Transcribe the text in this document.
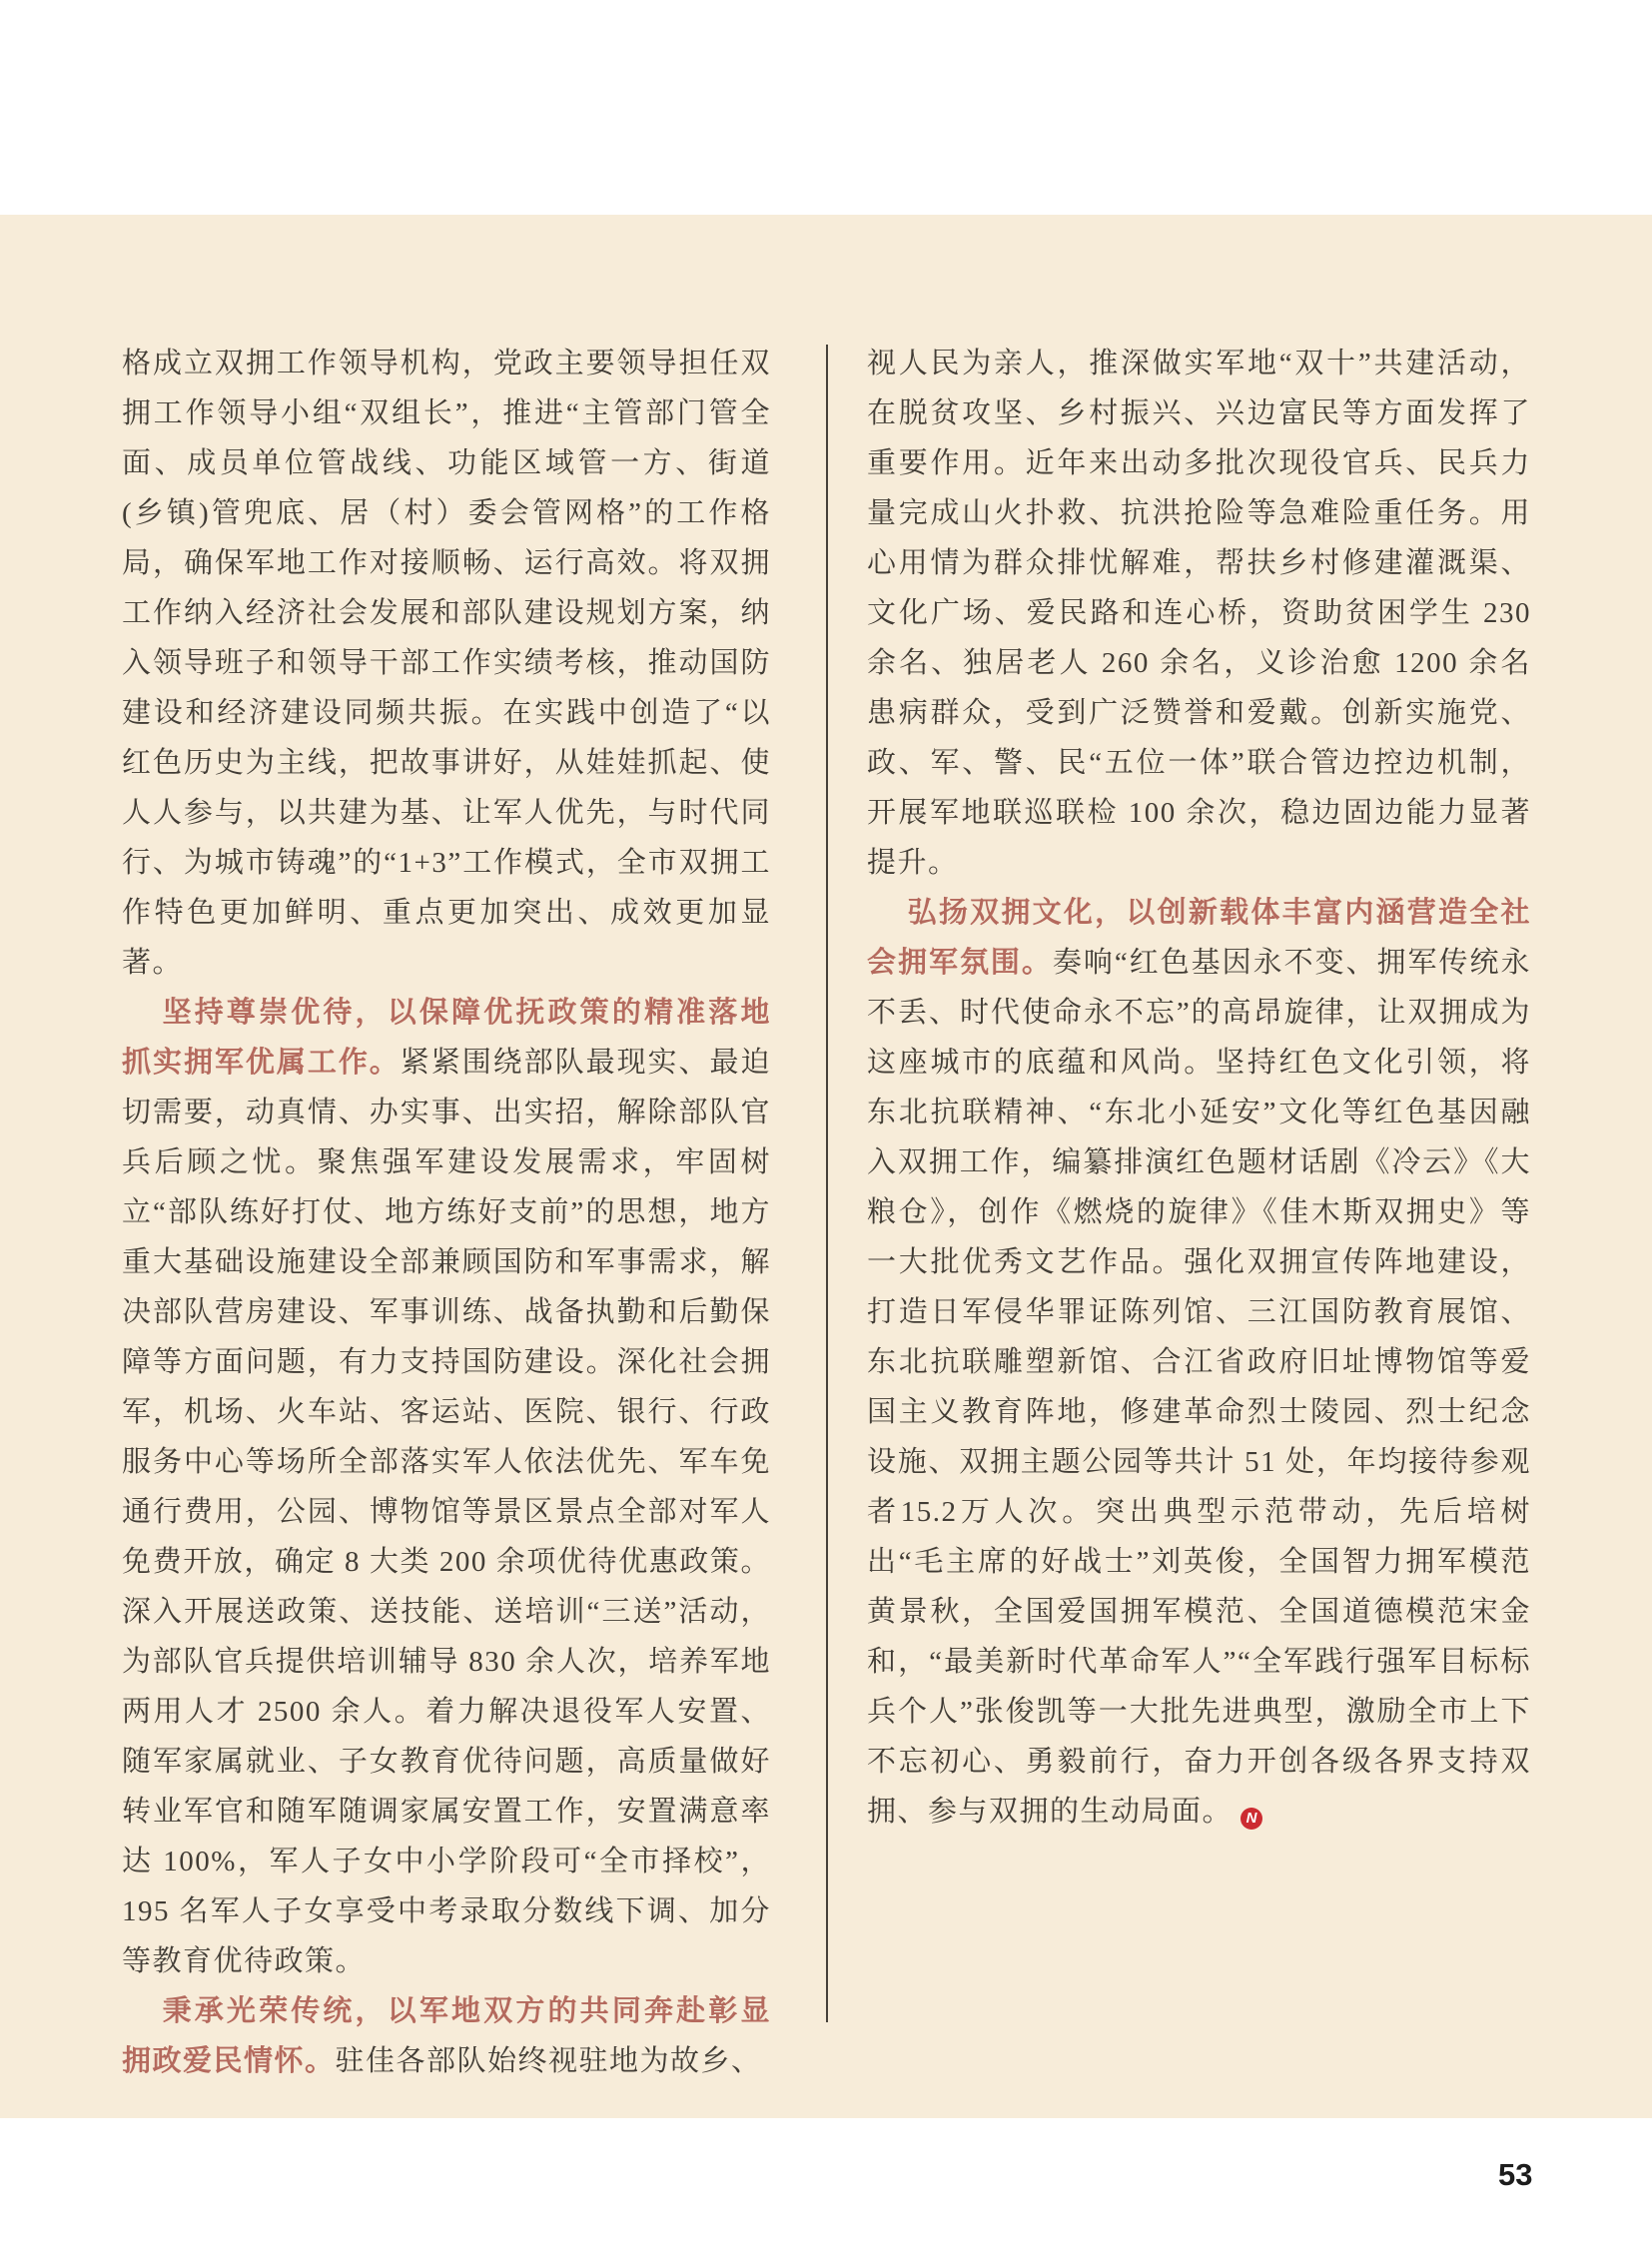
格成立双拥工作领导机构，党政主要领导担任双拥工作领导小组“双组长”，推进“主管部门管全面、成员单位管战线、功能区域管一方、街道(乡镇)管兜底、居（村）委会管网格”的工作格局，确保军地工作对接顺畅、运行高效。将双拥工作纳入经济社会发展和部队建设规划方案，纳入领导班子和领导干部工作实绩考核，推动国防建设和经济建设同频共振。在实践中创造了“以红色历史为主线，把故事讲好，从娃娃抓起、使人人参与，以共建为基、让军人优先，与时代同行、为城市铸魂”的“1+3”工作模式，全市双拥工作特色更加鲜明、重点更加突出、成效更加显著。

坚持尊崇优待，以保障优抚政策的精准落地抓实拥军优属工作。紧紧围绕部队最现实、最迫切需要，动真情、办实事、出实招，解除部队官兵后顾之忧。聚焦强军建设发展需求，牢固树立“部队练好打仗、地方练好支前”的思想，地方重大基础设施建设全部兼顾国防和军事需求，解决部队营房建设、军事训练、战备执勤和后勤保障等方面问题，有力支持国防建设。深化社会拥军，机场、火车站、客运站、医院、银行、行政服务中心等场所全部落实军人依法优先、军车免通行费用，公园、博物馆等景区景点全部对军人免费开放，确定 8 大类 200 余项优待优惠政策。深入开展送政策、送技能、送培训“三送”活动，为部队官兵提供培训辅导 830 余人次，培养军地两用人才 2500 余人。着力解决退役军人安置、随军家属就业、子女教育优待问题，高质量做好转业军官和随军随调家属安置工作，安置满意率达 100%，军人子女中小学阶段可“全市择校”，195 名军人子女享受中考录取分数线下调、加分等教育优待政策。

秉承光荣传统，以军地双方的共同奔赴彰显拥政爱民情怀。驻佳各部队始终视驻地为故乡、

视人民为亲人，推深做实军地“双十”共建活动，在脱贫攻坚、乡村振兴、兴边富民等方面发挥了重要作用。近年来出动多批次现役官兵、民兵力量完成山火扑救、抗洪抢险等急难险重任务。用心用情为群众排忧解难，帮扶乡村修建灌溉渠、文化广场、爱民路和连心桥，资助贫困学生 230 余名、独居老人 260 余名，义诊治愈 1200 余名患病群众，受到广泛赞誉和爱戴。创新实施党、政、军、警、民“五位一体”联合管边控边机制，开展军地联巡联检 100 余次，稳边固边能力显著提升。

弘扬双拥文化，以创新载体丰富内涵营造全社会拥军氛围。奏响“红色基因永不变、拥军传统永不丢、时代使命永不忘”的高昂旋律，让双拥成为这座城市的底蕴和风尚。坚持红色文化引领，将东北抗联精神、“东北小延安”文化等红色基因融入双拥工作，编纂排演红色题材话剧《冷云》《大粮仓》，创作《燃烧的旋律》《佳木斯双拥史》等一大批优秀文艺作品。强化双拥宣传阵地建设，打造日军侵华罪证陈列馆、三江国防教育展馆、东北抗联雕塑新馆、合江省政府旧址博物馆等爱国主义教育阵地，修建革命烈士陵园、烈士纪念设施、双拥主题公园等共计 51 处，年均接待参观者15.2万人次。突出典型示范带动，先后培树出“毛主席的好战士”刘英俊，全国智力拥军模范黄景秋，全国爱国拥军模范、全国道德模范宋金和，“最美新时代革命军人”“全军践行强军目标标兵个人”张俊凯等一大批先进典型，激励全市上下不忘初心、勇毅前行，奋力开创各级各界支持双拥、参与双拥的生动局面。 N

53
